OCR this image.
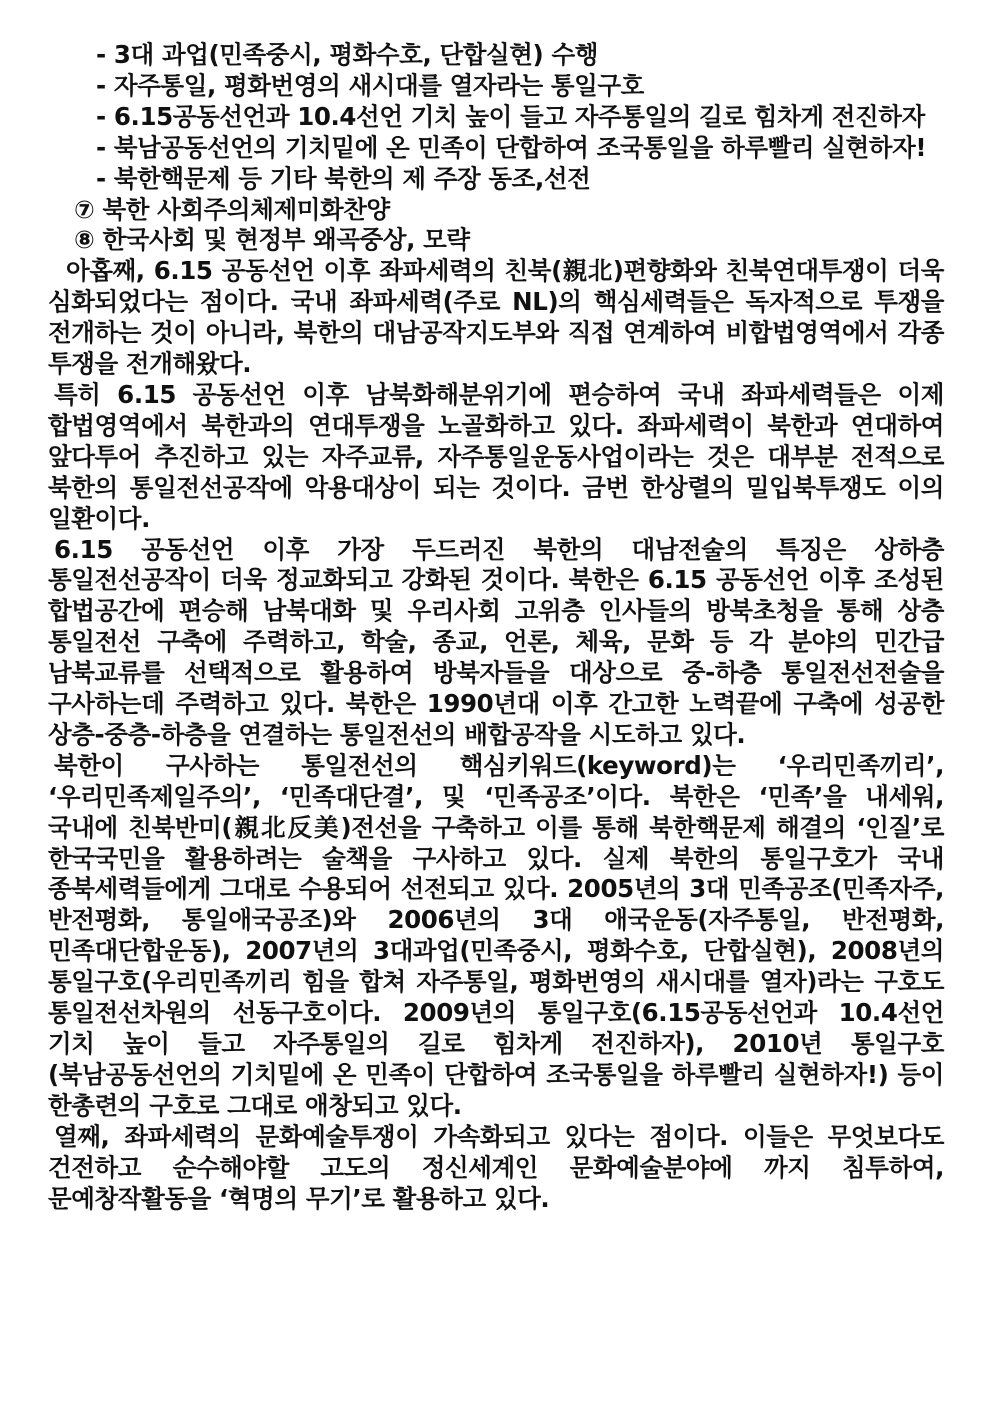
- 3대 과업(민족중시, 평화수호, 단합실현) 수행
- 자주통일, 평화번영의 새시대를 열자라는 통일구호
- 6.15공동선언과 10.4선언 기치 높이 들고 자주통일의 길로 힘차게 전진하자
- 북남공동선언의 기치밑에 온 민족이 단합하여 조국통일을 하루빨리 실현하자!
- 북한핵문제 등 기타 북한의 제 주장 동조,선전
⑦ 북한 사회주의체제미화찬양
⑧ 한국사회 및 현정부 왜곡중상, 모략
아홉째, 6.15 공동선언 이후 좌파세력의 친북(親北)편향화와 친북연대투쟁이 더욱 심화되었다는 점이다. 국내 좌파세력(주로 NL)의 핵심세력들은 독자적으로 투쟁을 전개하는 것이 아니라, 북한의 대남공작지도부와 직접 연계하여 비합법영역에서 각종 투쟁을 전개해왔다.
특히 6.15 공동선언 이후 남북화해분위기에 편승하여 국내 좌파세력들은 이제 합법영역에서 북한과의 연대투쟁을 노골화하고 있다. 좌파세력이 북한과 연대하여 앞다투어 추진하고 있는 자주교류, 자주통일운동사업이라는 것은 대부분 전적으로 북한의 통일전선공작에 악용대상이 되는 것이다. 금번 한상렬의 밀입북투쟁도 이의 일환이다.
6.15 공동선언 이후 가장 두드러진 북한의 대남전술의 특징은 상하층 통일전선공작이 더욱 정교화되고 강화된 것이다. 북한은 6.15 공동선언 이후 조성된 합법공간에 편승해 남북대화 및 우리사회 고위층 인사들의 방북초청을 통해 상층 통일전선 구축에 주력하고, 학술, 종교, 언론, 체육, 문화 등 각 분야의 민간급 남북교류를 선택적으로 활용하여 방북자들을 대상으로 중-하층 통일전선전술을 구사하는데 주력하고 있다. 북한은 1990년대 이후 간고한 노력끝에 구축에 성공한 상층-중층-하층을 연결하는 통일전선의 배합공작을 시도하고 있다.
북한이 구사하는 통일전선의 핵심키워드(keyword)는 ‘우리민족끼리’, ‘우리민족제일주의’, ‘민족대단결’, 및 ‘민족공조’이다. 북한은 ‘민족’을 내세워, 국내에 친북반미(親北反美)전선을 구축하고 이를 통해 북한핵문제 해결의 ‘인질’로 한국국민을 활용하려는 술책을 구사하고 있다. 실제 북한의 통일구호가 국내 종북세력들에게 그대로 수용되어 선전되고 있다. 2005년의 3대 민족공조(민족자주, 반전평화, 통일애국공조)와 2006년의 3대 애국운동(자주통일, 반전평화, 민족대단합운동), 2007년의 3대과업(민족중시, 평화수호, 단합실현), 2008년의 통일구호(우리민족끼리 힘을 합쳐 자주통일, 평화번영의 새시대를 열자)라는 구호도 통일전선차원의 선동구호이다. 2009년의 통일구호(6.15공동선언과 10.4선언 기치 높이 들고 자주통일의 길로 힘차게 전진하자), 2010년 통일구호(북남공동선언의 기치밑에 온 민족이 단합하여 조국통일을 하루빨리 실현하자!) 등이 한총련의 구호로 그대로 애창되고 있다.
열째, 좌파세력의 문화예술투쟁이 가속화되고 있다는 점이다. 이들은 무엇보다도 건전하고 순수해야할 고도의 정신세계인 문화예술분야에 까지 침투하여, 문예창작활동을 ‘혁명의 무기’로 활용하고 있다.
